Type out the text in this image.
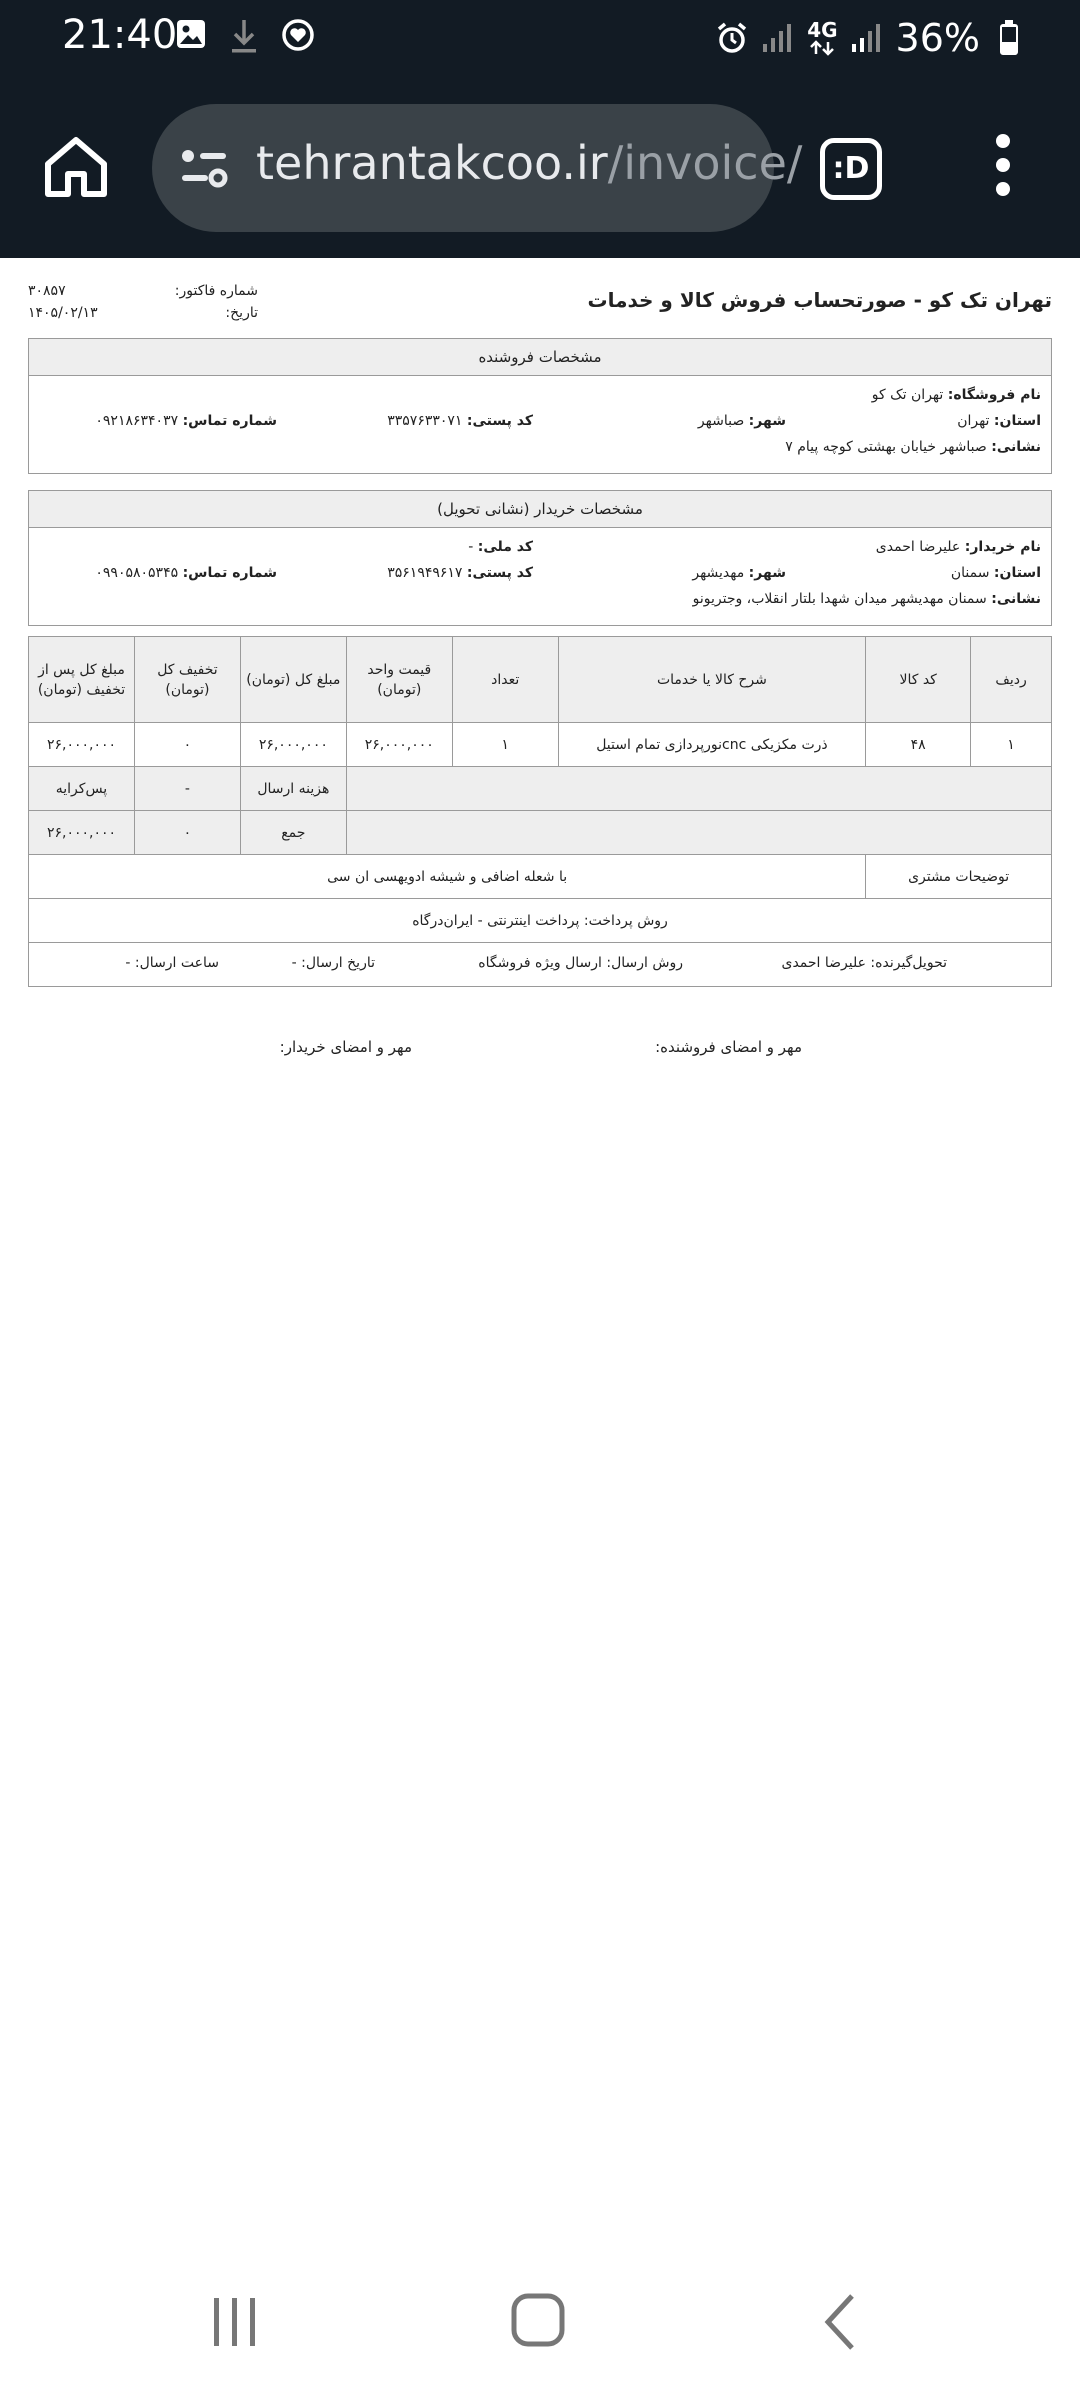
21:40	4G 36%
tehrantakcoo.ir/invoice/	:D
تهران تک کو - صورتحساب فروش کالا و خدمات
شماره فاکتور:
۳۰۸۵۷
تاریخ:
۱۴۰۵/۰۲/۱۳
مشخصات فروشنده
نام فروشگاه: تهران تک کو
استان: تهران
شهر: صباشهر
کد پستی: ۳۳۵۷۶۳۳۰۷۱
شماره تماس: ۰۹۲۱۸۶۳۴۰۳۷
نشانی: صباشهر خیابان بهشتی کوچه پیام ۷
مشخصات خریدار (نشانی تحویل)
نام خریدار: علیرضا احمدی
کد ملی: -
استان: سمنان
شهر: مهدیشهر
کد پستی: ۳۵۶۱۹۴۹۶۱۷
شماره تماس: ۰۹۹۰۵۸۰۵۳۴۵
نشانی: سمنان مهدیشهر میدان شهدا بلتار انقلاب، وجتریونو
ردیف	کد کالا	شرح کالا یا خدمات	تعداد	قیمت واحد (تومان)	مبلغ کل (تومان)	تخفیف کل (تومان)	مبلغ کل پس از تخفیف (تومان)
۱	۴۸	ذرت مکزیکی cncنورپردازی تمام استیل	۱	۲۶,۰۰۰,۰۰۰	۲۶,۰۰۰,۰۰۰	۰	۲۶,۰۰۰,۰۰۰
					هزینه ارسال	-	پس‌کرایه
					جمع	۰	۲۶,۰۰۰,۰۰۰
توضیحات مشتری		با شعله اضافی و شیشه ادویهسی ان سی					
روش پرداخت: پرداخت اینترنتی - ایران‌درگاه							

تحویل‌گیرنده: علیرضا احمدی
روش ارسال: ارسال ویژه فروشگاه
تاریخ ارسال: -
ساعت ارسال: -							
مهر و امضای فروشنده:
مهر و امضای خریدار:
